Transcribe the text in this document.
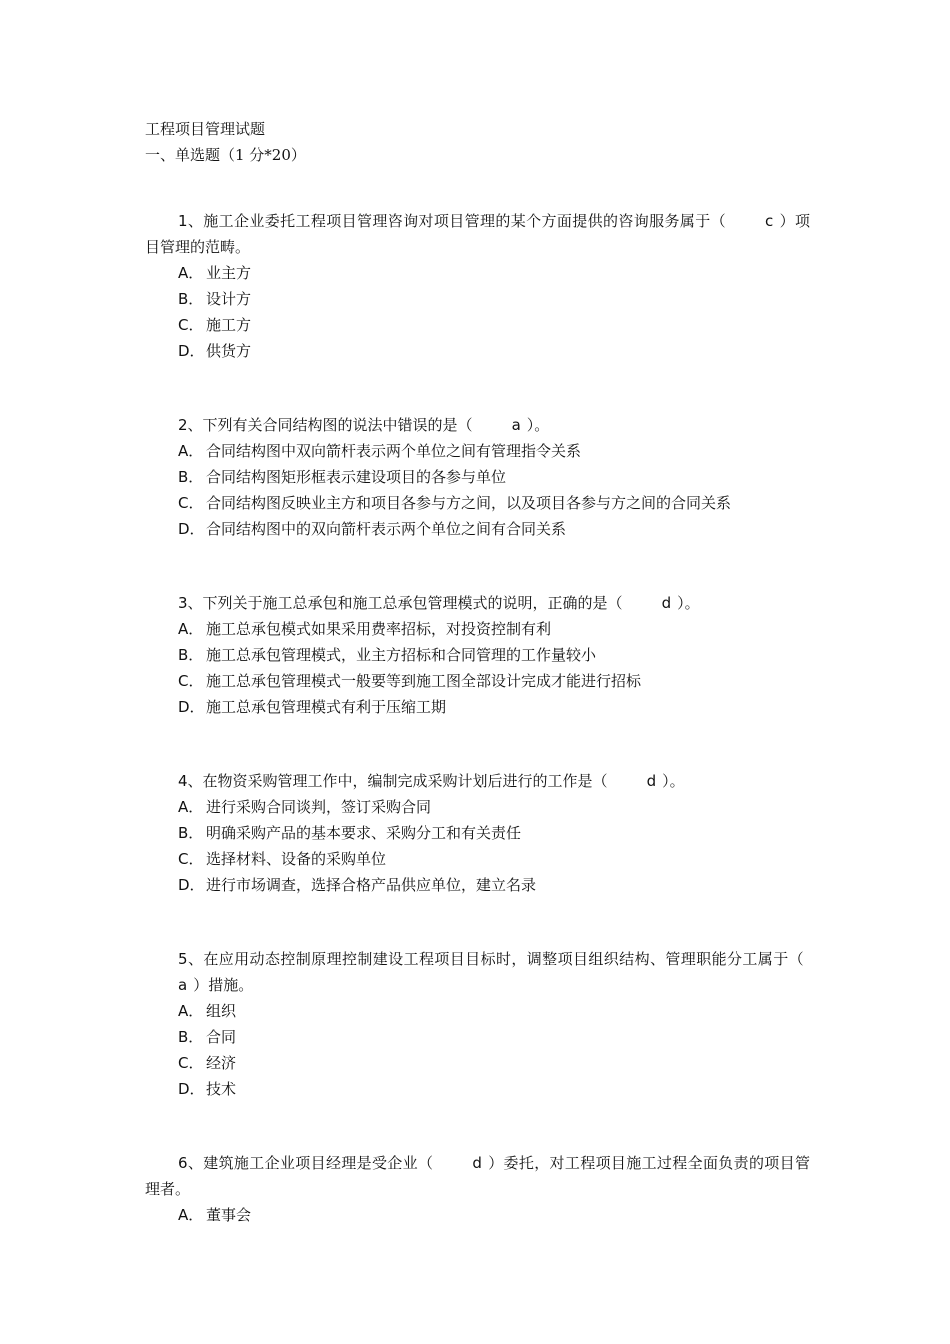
工程项目管理试题
一、单选题（1 分*20）

1、施工企业委托工程项目管理咨询对项目管理的某个方面提供的咨询服务属于（	c ）项目管理的范畴。

A． 业主方
B． 设计方
C． 施工方
D．供货方

2、下列有关合同结构图的说法中错误的是（	a ）。

A． 合同结构图中双向箭杆表示两个单位之间有管理指令关系
B． 合同结构图矩形框表示建设项目的各参与单位
C． 合同结构图反映业主方和项目各参与方之间，以及项目各参与方之间的合同关系
D．合同结构图中的双向箭杆表示两个单位之间有合同关系

3、下列关于施工总承包和施工总承包管理模式的说明，正确的是（	d ）。

A． 施工总承包模式如果采用费率招标，对投资控制有利
B． 施工总承包管理模式，业主方招标和合同管理的工作量较小
C． 施工总承包管理模式一般要等到施工图全部设计完成才能进行招标
D．施工总承包管理模式有利于压缩工期

4、在物资采购管理工作中，编制完成采购计划后进行的工作是（	d ）。

A． 进行采购合同谈判，签订采购合同
B． 明确采购产品的基本要求、采购分工和有关责任
C． 选择材料、设备的采购单位
D．进行市场调查，选择合格产品供应单位，建立名录

5、在应用动态控制原理控制建设工程项目目标时，调整项目组织结构、管理职能分工属于（a ）措施。

A． 组织
B． 合同
C． 经济
D．技术

6、建筑施工企业项目经理是受企业（	d ）委托，对工程项目施工过程全面负责的项目管理者。

A． 董事会
